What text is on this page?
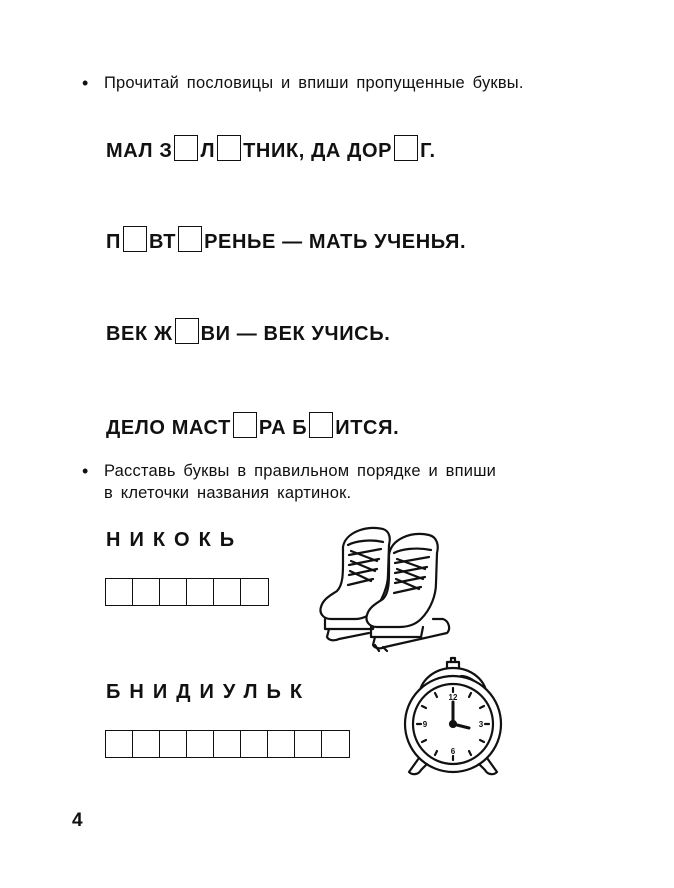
• Прочитай пословицы и впиши пропущенные буквы.
МАЛ З Л ТНИК, ДА ДОР Г.
П ВТ РЕНЬЕ — МАТЬ УЧЕНЬЯ.
ВЕК Ж ВИ — ВЕК УЧИСЬ.
ДЕЛО МАСТ РА Б ИТСЯ.
• Расставь буквы в правильном порядке и впиши
в клеточки названия картинок.
НИКОКЬ
БНИДИУЛЬК	12
3
6
9
4
